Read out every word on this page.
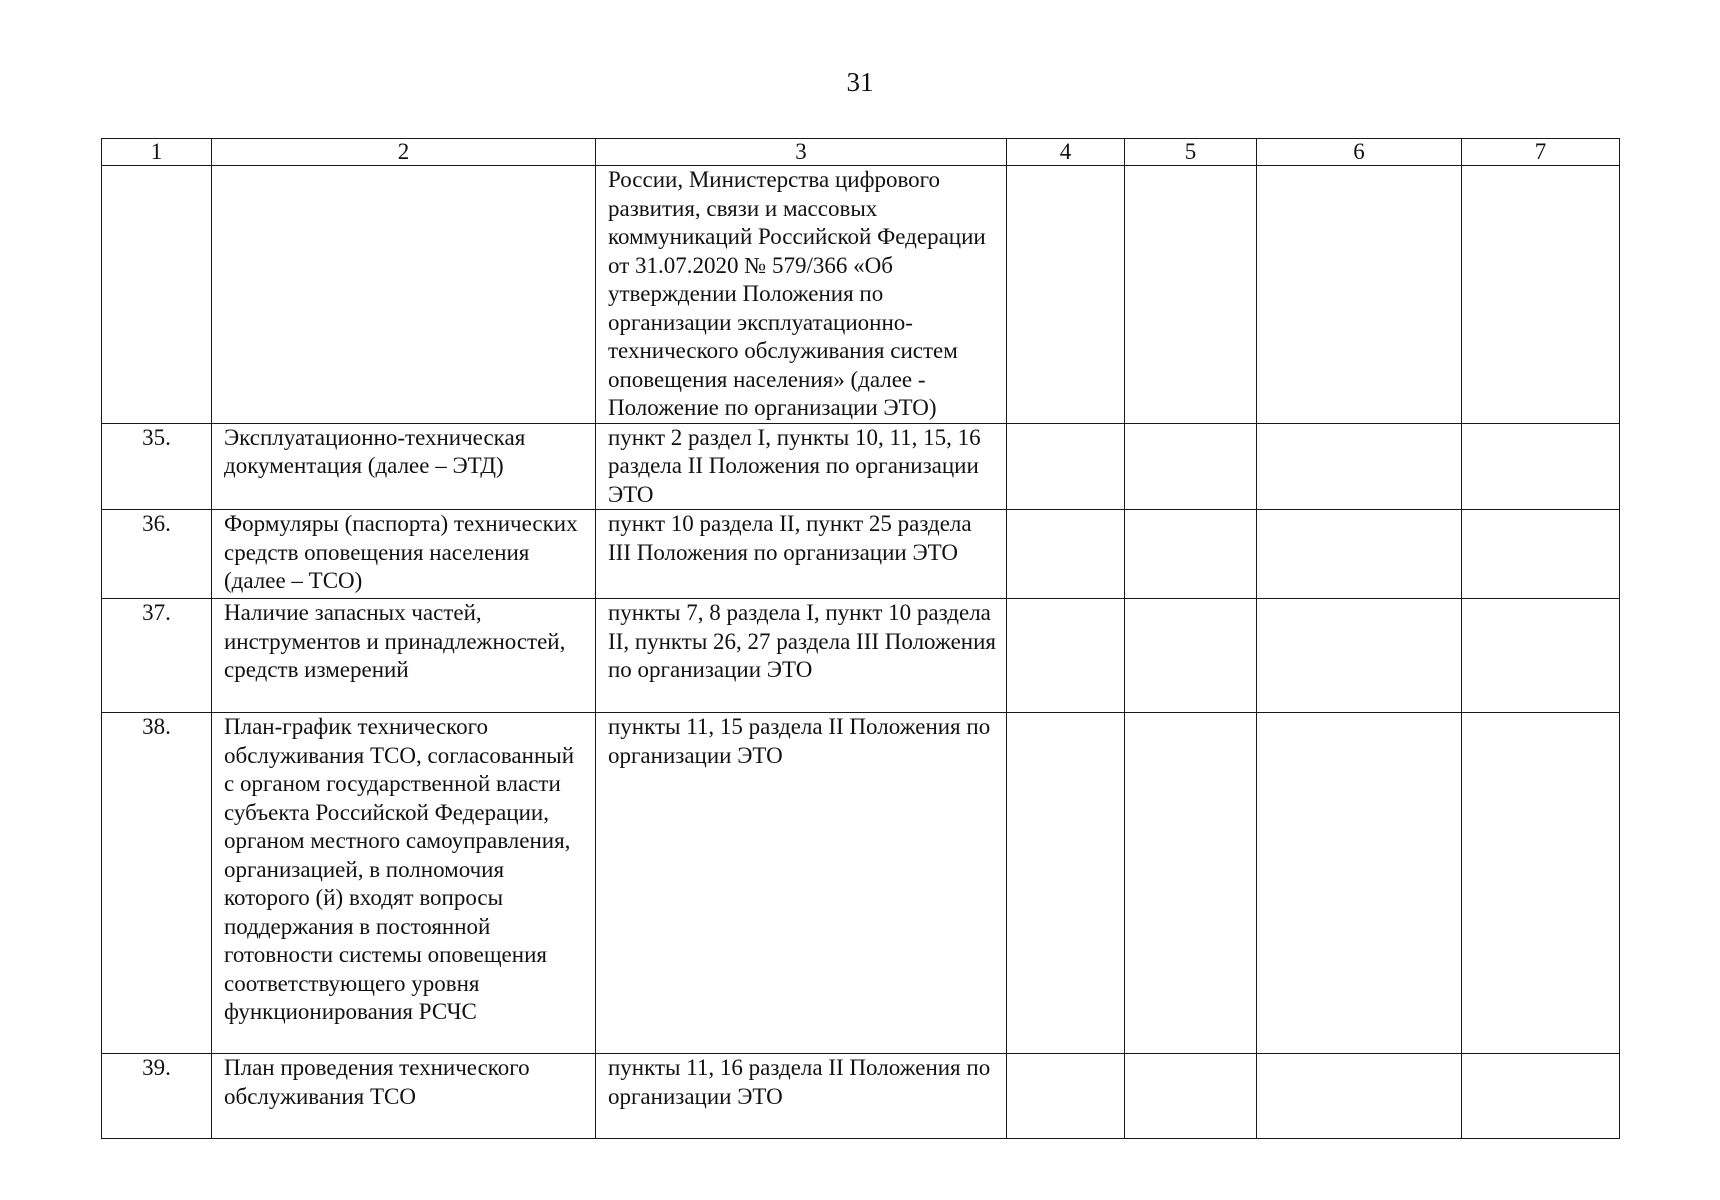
31
1	2	3	4	5	6	7
		России, Министерства цифрового развития, связи и массовых коммуникаций Российской Федерации от 31.07.2020 № 579/366 «Об утверждении Положения по организации эксплуатационно-технического обслуживания систем оповещения населения» (далее - Положение по организации ЭТО)				
35.	Эксплуатационно-техническая документация (далее – ЭТД)	пункт 2 раздел I, пункты 10, 11, 15, 16 раздела II Положения по организации ЭТО				
36.	Формуляры (паспорта) технических средств оповещения населения (далее – ТСО)	пункт 10 раздела II, пункт 25 раздела III Положения по организации ЭТО				
37.	Наличие запасных частей, инструментов и принадлежностей, средств измерений	пункты 7, 8 раздела I, пункт 10 раздела II, пункты 26, 27 раздела III Положения по организации ЭТО				
38.	План-график технического обслуживания ТСО, согласованный с органом государственной власти субъекта Российской Федерации, органом местного самоуправления, организацией, в полномочия которого (й) входят вопросы поддержания в постоянной готовности системы оповещения соответствующего уровня функционирования РСЧС	пункты 11, 15 раздела II Положения по организации ЭТО				
39.	План проведения технического обслуживания ТСО	пункты 11, 16 раздела II Положения по организации ЭТО				
